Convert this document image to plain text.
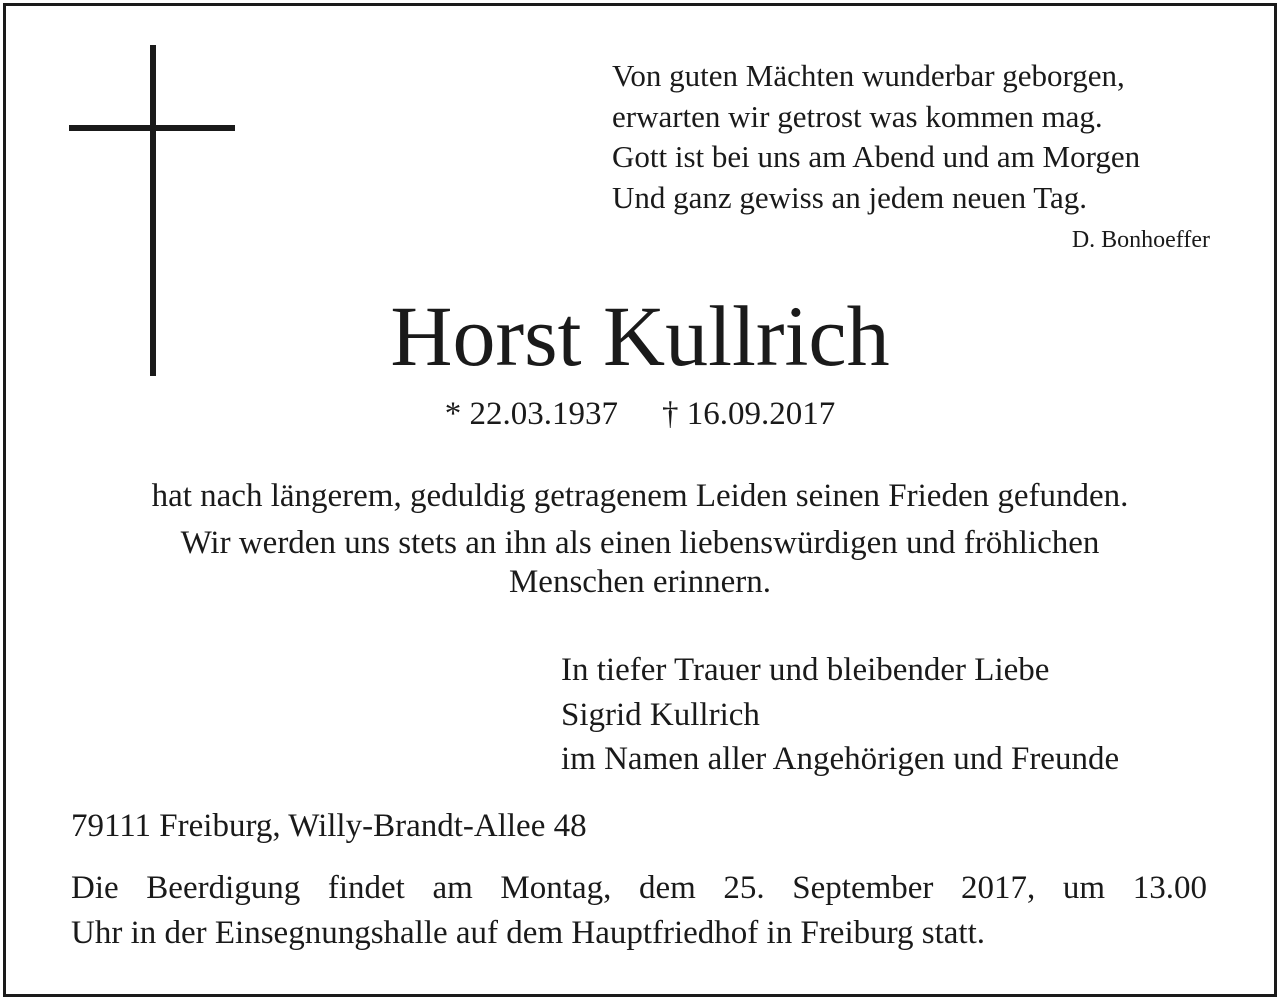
Von guten Mächten wunderbar geborgen,
erwarten wir getrost was kommen mag.
Gott ist bei uns am Abend und am Morgen
Und ganz gewiss an jedem neuen Tag.
D. Bonhoeffer
Horst Kullrich
* 22.03.1937 † 16.09.2017
hat nach längerem, geduldig getragenem Leiden seinen Frieden gefunden.
Wir werden uns stets an ihn als einen liebenswürdigen und fröhlichen
Menschen erinnern.
In tiefer Trauer und bleibender Liebe
Sigrid Kullrich
im Namen aller Angehörigen und Freunde
79111 Freiburg, Willy-Brandt-Allee 48
Die Beerdigung findet am Montag, dem 25. September 2017, um 13.00
Uhr in der Einsegnungshalle auf dem Hauptfriedhof in Freiburg statt.
